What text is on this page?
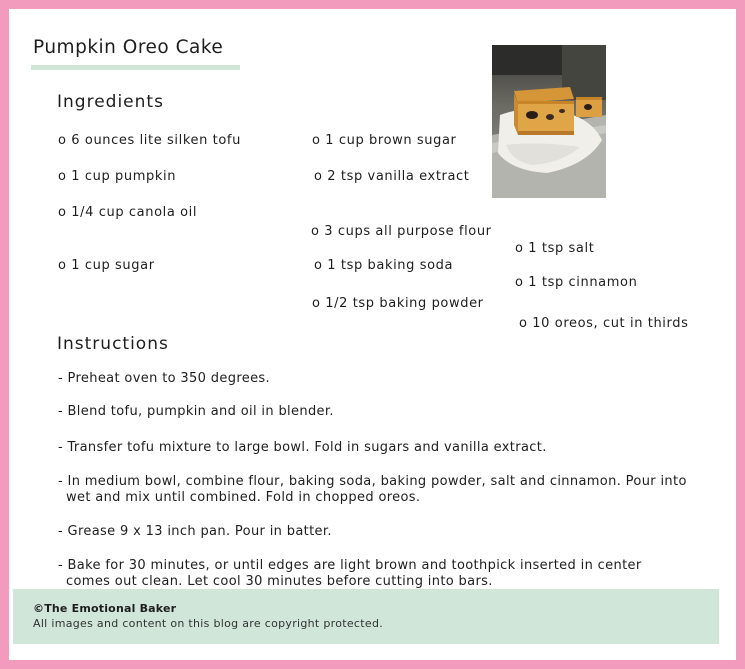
Pumpkin Oreo Cake
Ingredients
o 6 ounces lite silken tofu
o 1 cup pumpkin
o 1/4 cup canola oil
o 1 cup sugar
o 1 cup brown sugar
o 2 tsp vanilla extract
o 3 cups all purpose flour
o 1 tsp baking soda
o 1/2 tsp baking powder
o 1 tsp salt
o 1 tsp cinnamon
o 10 oreos, cut in thirds
Instructions
- Preheat oven to 350 degrees.
- Blend tofu, pumpkin and oil in blender.
- Transfer tofu mixture to large bowl. Fold in sugars and vanilla extract.
- In medium bowl, combine flour, baking soda, baking powder, salt and cinnamon. Pour into
wet and mix until combined. Fold in chopped oreos.
- Grease 9 x 13 inch pan. Pour in batter.
- Bake for 30 minutes, or until edges are light brown and toothpick inserted in center
comes out clean. Let cool 30 minutes before cutting into bars.
©The Emotional Baker
All images and content on this blog are copyright protected.
